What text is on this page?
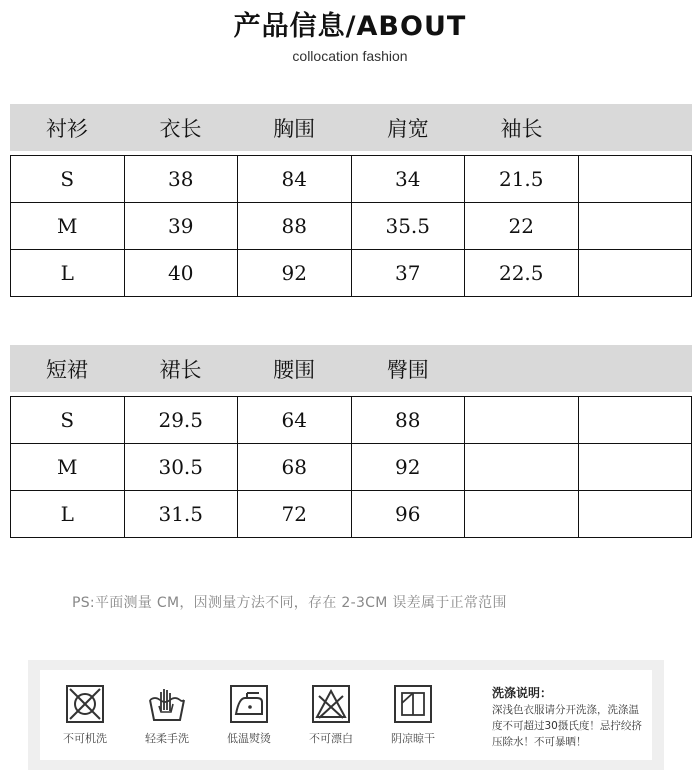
产品信息/ABOUT
collocation fashion
衬衫	衣长	胸围	肩宽	袖长
S	38	84	34	21.5
M	39	88	35.5	22
L	40	92	37	22.5
短裙	裙长	腰围	臀围
S	29.5	64	88
M	30.5	68	92
L	31.5	72	96
PS:平面测量 CM，因测量方法不同，存在 2-3CM 误差属于正常范围
不可机洗	轻柔手洗	低温熨烫	不可漂白	阴凉晾干
洗涤说明：
深浅色衣服请分开洗涤，洗涤温度不可超过30摄氏度！忌拧绞挤压除水！不可暴晒！
